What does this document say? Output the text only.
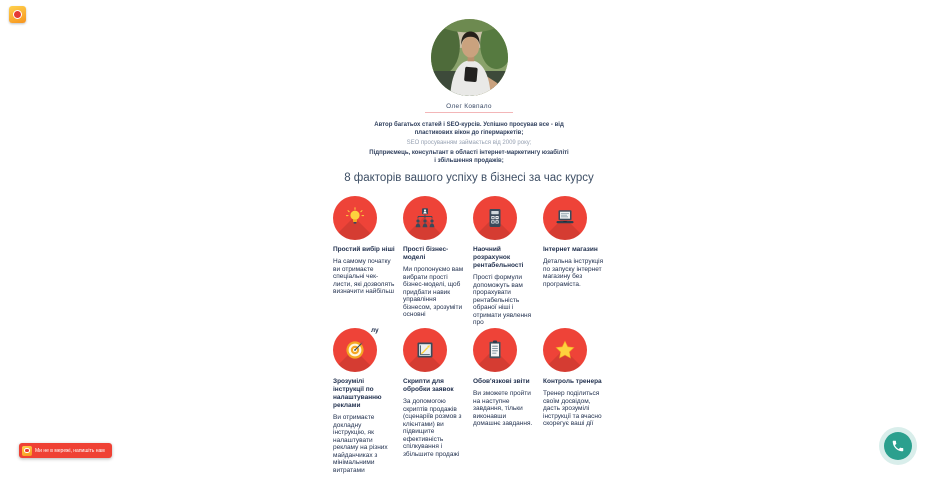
Олег Ковпало

Автор багатьох статей і SEO-курсів. Успішно просував все - від пластикових вікон до гіпермаркетів;

SEO просуванням займається від 2009 року;

Підприємець, консультант в області інтернет-маркетингу юзабіліті і збільшення продажів;

8 факторів вашого успіху в бізнесі за час курсу
Простий вибір ніші
На самому початку ви отримаєте спеціальні чек-листи, які дозволять визначити найбільш
Прості бізнес-моделі
Ми пропонуємо вам вибрати прості бізнес-моделі, щоб придбати навик управління бізнесом, зрозуміти основні
Наочний розрахунок рентабельності
Прості формули допоможуть вам прорахувати рентабельність обраної ніші і отримати уявлення про
Інтернет магазин
Детальна інструкція по запуску інтернет магазину без програміста.
Зрозумілі інструкції по налаштуванню реклами
Ви отримаєте докладну інструкцію, як налаштувати рекламу на різних майданчиках з мінімальними витратами
Скрипти для обробки заявок
За допомогою скриптів продажів (сценаріїв розмов з клієнтами) ви підвищите ефективність спілкування і збільшите продажі
Обов'язкові звіти
Ви зможете пройти на наступне завдання, тільки виконавши домашнє завдання.
Контроль тренера
Тренер поділиться своїм досвідом, дасть зрозумілі інструкції та вчасно скорегує ваші дії
лу
Ми не в мережі, напишіть нам
